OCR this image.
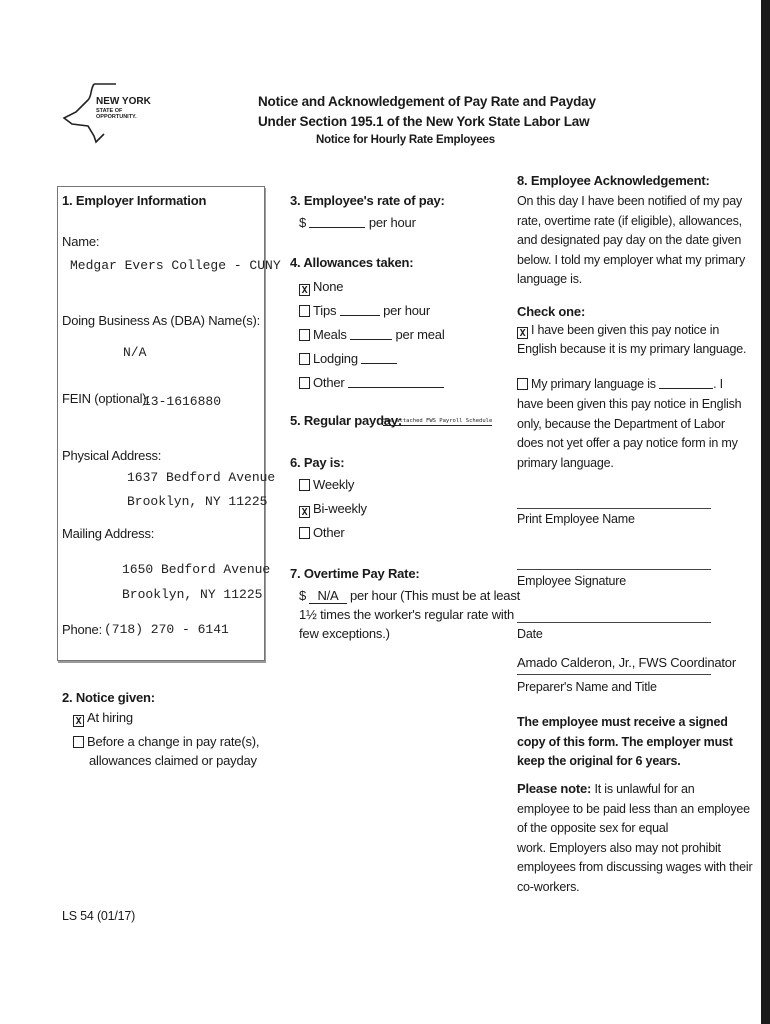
NEW YORK
STATE OF
OPPORTUNITY.
Notice and Acknowledgement of Pay Rate and Payday
Under Section 195.1 of the New York State Labor Law
Notice for Hourly Rate Employees
1. Employer Information
Name:
Medgar Evers College - CUNY
Doing Business As (DBA) Name(s):
N/A
FEIN (optional):
13-1616880
Physical Address:
1637 Bedford Avenue
Brooklyn, NY 11225
Mailing Address:
1650 Bedford Avenue
Brooklyn, NY 11225
Phone: (718) 270 - 6141
2. Notice given:
X At hiring
Before a change in pay rate(s),
allowances claimed or payday
3. Employee's rate of pay:
$	per hour
4. Allowances taken:
X None
Tips	per hour
Meals	per meal
Lodging
Other
5. Regular payday:
See attached FWS Payroll Schedule
6. Pay is:
Weekly
X Bi-weekly
Other
7. Overtime Pay Rate:
$ N/A per hour (This must be at least
1½ times the worker's regular rate with
few exceptions.)
8. Employee Acknowledgement:
On this day I have been notified of my pay
rate, overtime rate (if eligible), allowances,
and designated pay day on the date given
below. I told my employer what my primary
language is.
Check one:
X I have been given this pay notice in
English because it is my primary language.
My primary language is	. I
have been given this pay notice in English
only, because the Department of Labor
does not yet offer a pay notice form in my
primary language.
Print Employee Name
Employee Signature
Date
Amado Calderon, Jr., FWS Coordinator
Preparer's Name and Title
The employee must receive a signed
copy of this form. The employer must
keep the original for 6 years.
Please note: It is unlawful for an
employee to be paid less than an employee
of the opposite sex for equal
work. Employers also may not prohibit
employees from discussing wages with their
co-workers.
LS 54 (01/17)
